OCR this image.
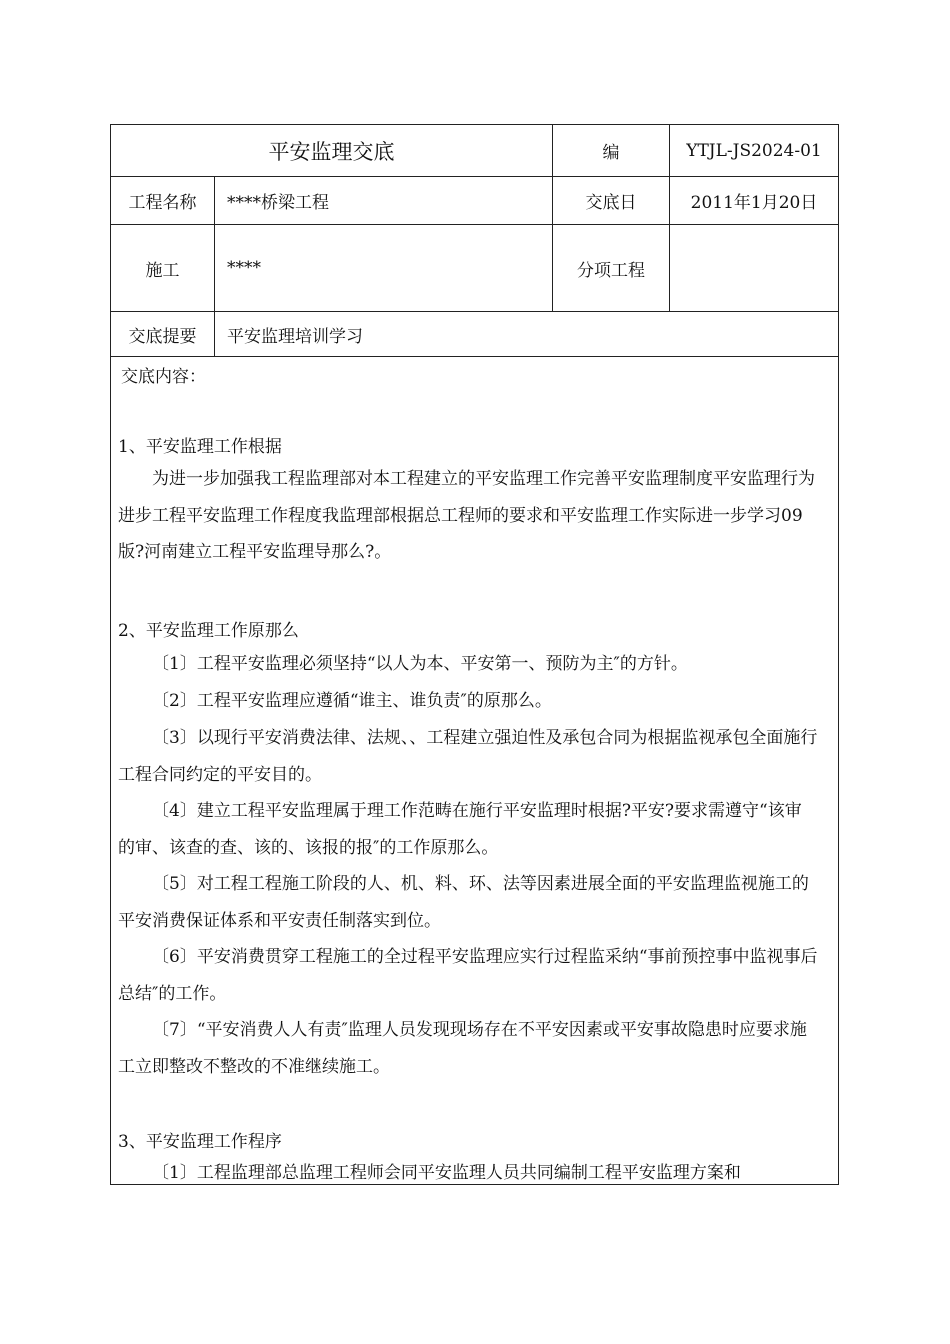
平安监理交底	编	YTJL-JS2024-01
工程名称	****桥梁工程	交底日	2011年1月20日
施工	****	分项工程
交底提要	平安监理培训学习
交底内容：
1、平安监理工作根据
为进一步加强我工程监理部对本工程建立的平安监理工作完善平安监理制度平安监理行为进步工程平安监理工作程度我监理部根据总工程师的要求和平安监理工作实际进一步学习09版?河南建立工程平安监理导那么?。
2、平安监理工作原那么
〔1〕工程平安监理必须坚持“以人为本、平安第一、预防为主″的方针。
〔2〕工程平安监理应遵循“谁主、谁负责″的原那么。
〔3〕以现行平安消费法律、法规、、工程建立强迫性及承包合同为根据监视承包全面施行工程合同约定的平安目的。
〔4〕建立工程平安监理属于理工作范畴在施行平安监理时根据?平安?要求需遵守“该审的审、该查的查、该的、该报的报″的工作原那么。
〔5〕对工程工程施工阶段的人、机、料、环、法等因素进展全面的平安监理监视施工的平安消费保证体系和平安责任制落实到位。
〔6〕平安消费贯穿工程施工的全过程平安监理应实行过程监采纳“事前预控事中监视事后总结″的工作。
〔7〕“平安消费人人有责″监理人员发现现场存在不平安因素或平安事故隐患时应要求施工立即整改不整改的不准继续施工。
3、平安监理工作程序
〔1〕工程监理部总监理工程师会同平安监理人员共同编制工程平安监理方案和
